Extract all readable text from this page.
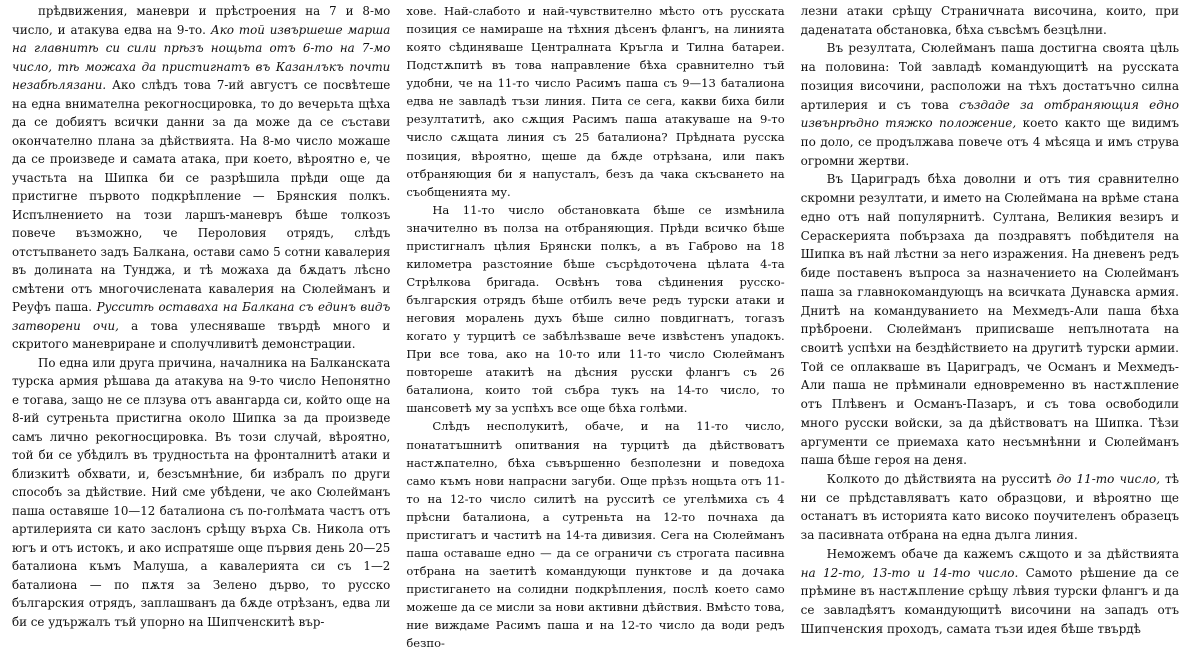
прѣдвижения, маневри и прѣстроения на 7 и 8-мо число, и атакува едва на 9-то. Ако той извършеше марша на главнитѣ си сили прѣзъ нощьта отъ 6-то на 7-мо число, тѣ можаха да пристигнатъ въ Казанлъкъ почти незабѣлязани. Ако слѣдъ това 7-ий августъ се посвѣтеше на една внимателна рекогносцировка, то до вечерьта щѣха да се добиятъ всички данни за да може да се състави окончателно плана за дѣйствията. На 8-мо число можаше да се произведе и самата атака, при което, вѣроятно е, че участьта на Шипка би се разрѣшила прѣди още да пристигне първото подкрѣпление — Брянския полкъ. Испълнението на този ларшъ-маневръ бѣше толкозъ повече възможно, че Пероловия отрядъ, слѣдъ отстъпването задъ Балкана, остави само 5 сотни кавалерия въ долината на Тунджа, и тѣ можаха да бѫдатъ лѣсно смѣтени отъ многочислената кавалерия на Сюлейманъ и Реуфъ паша. Русситѣ оставаха на Балкана съ единъ видъ затворени очи, а това улесняваше твърдѣ много и скритого маневриране и сполучливитѣ демонстрации.

По една или друга причина, началника на Балканската турска армия рѣшава да атакува на 9-то число Непонятно е тогава, защо не се плзува отъ авангарда си, който още на 8-ий сутреньта пристигна около Шипка за да произведе самъ лично рекогносцировка. Въ този случай, вѣроятно, той би се убѣдилъ въ трудностьта на фронталнитѣ атаки и близкитѣ обхвати, и, безсъмнѣние, би избралъ по други способъ за дѣйствие. Ний сме убѣдени, че ако Сюлейманъ паша оставяше 10—12 баталиона съ по-голѣмата частъ отъ артилерията си като заслонъ срѣщу върха Св. Никола отъ югъ и отъ истокъ, и ако испратяше още първия день 20—25 баталиона къмъ Малуша, а кавалерията си съ 1—2 баталиона — по пѫтя за Зелено дърво, то русско българския отрядъ, заплашванъ да бѫде отрѣзанъ, едва ли би се удържалъ тъй упорно на Шипченскитѣ вър-

хове. Най-слабото и най-чувствително мѣсто отъ русската позиция се намираше на тѣхния дѣсенъ флангъ, на линията която сѣдиняваше Централната Кръгла и Тилна батареи. Подстѫпитѣ въ това направление бѣха сравнително тъй удобни, че на 11-то число Расимъ паша съ 9—13 баталиона едва не завладѣ тъзи линия. Пита се сега, какви биха били резултатитѣ, ако сѫщия Расимъ паша атакуваше на 9-то число сѫщата линия съ 25 баталиона? Прѣдната русска позиция, вѣроятно, щеше да бѫде отрѣзана, или пакъ отбраняющия би я напусталъ, безъ да чака скъсването на съобщенията му.

На 11-то число обстановката бѣше се измѣнила значително въ полза на отбраняющия. Прѣди всичко бѣше пристигналъ цѣлия Брянски полкъ, а въ Габрово на 18 километра разстояние бѣше съсрѣдоточена цѣлата 4-та Стрѣлкова бригада. Освѣнъ това сѣдинения русско-българския отрядъ бѣше отбилъ вече редъ турски атаки и неговия моралень духъ бѣше силно повдигнатъ, тогазъ когато у турцитѣ се забѣлѣзваше вече извѣстенъ упадокъ. При все това, ако на 10-то или 11-то число Сюлейманъ повтореше атакитѣ на дѣсния русски флангъ съ 26 баталиона, които той събра тукъ на 14-то число, то шансоветѣ му за успѣхъ все още бѣха голѣми.

Слѣдъ несполукитѣ, обаче, и на 11-то число, понататъшнитѣ опитвания на турцитѣ да дѣйствоватъ настѫпателно, бѣха съвършенно безполезни и поведоха само къмъ нови напрасни загуби. Още прѣзъ нощьта отъ 11-то на 12-то число силитѣ на русситѣ се угелѣмиха съ 4 прѣсни баталиона, а сутреньта на 12-то почнаха да пристигатъ и частитѣ на 14-та дивизия. Сега на Сюлейманъ паша оставаше едно — да се ограничи съ строгата пасивна отбрана на заетитѣ командующи пунктове и да дочака пристигането на солидни подкрѣпления, послѣ което само можеше да се мисли за нови активни дѣйствия. Вмѣсто това, ние виждаме Расимъ паша и на 12-то число да води редъ безпо-

лезни атаки срѣщу Страничната височина, които, при даденатата обстановка, бѣха съвсѣмъ безцѣлни.

Въ резултата, Сюлейманъ паша достигна своята цѣль на половина: Той завладѣ командующитѣ на русската позиция височини, расположи на тѣхъ достатъчно силна артилерия и съ това създаде за отбраняющия едно извънрѣдно тяжко положение, което както ще видимъ по доло, се продължава повече отъ 4 мѣсяца и имъ струва огромни жертви.

Въ Цариградъ бѣха доволни и отъ тия сравнително скромни резултати, и името на Сюлеймана на врѣме стана едно отъ най популярнитѣ. Султана, Великия везиръ и Сераскерията побързаха да поздравятъ побѣдителя на Шипка въ най лѣстни за него изражения. На дневенъ редъ биде поставенъ въпроса за назначението на Сюлейманъ паша за главнокомандующъ на всичката Дунавска армия. Днитѣ на командуванието на Мехмедъ-Али паша бѣха прѣброени. Сюлейманъ приписваше непълнотата на своитѣ успѣхи на бездѣйствието на другитѣ турски армии. Той се оплакваше въ Цариградъ, че Османъ и Мехмедъ-Али паша не прѣминали едновременно въ настѫпление отъ Плѣвенъ и Османъ-Пазаръ, и съ това освободили много русски войски, за да дѣйствоватъ на Шипка. Тѣзи аргументи се приемаха като несъмнѣнни и Сюлейманъ паша бѣше героя на деня.

Колкото до дѣйствията на русситѣ до 11-то число, тѣ ни се прѣдставляватъ като образцови, и вѣроятно ще останатъ въ историята като високо поучителенъ образецъ за пасивната отбрана на една дълга линия.

Неможемъ обаче да кажемъ сѫщото и за дѣйствията на 12-то, 13-то и 14-то число. Самото рѣшение да се прѣмине въ настѫпление срѣщу лѣвия турски флангъ и да се завладѣятъ командующитѣ височини на западъ отъ Шипченския проходъ, самата тъзи идея бѣше твърдѣ
